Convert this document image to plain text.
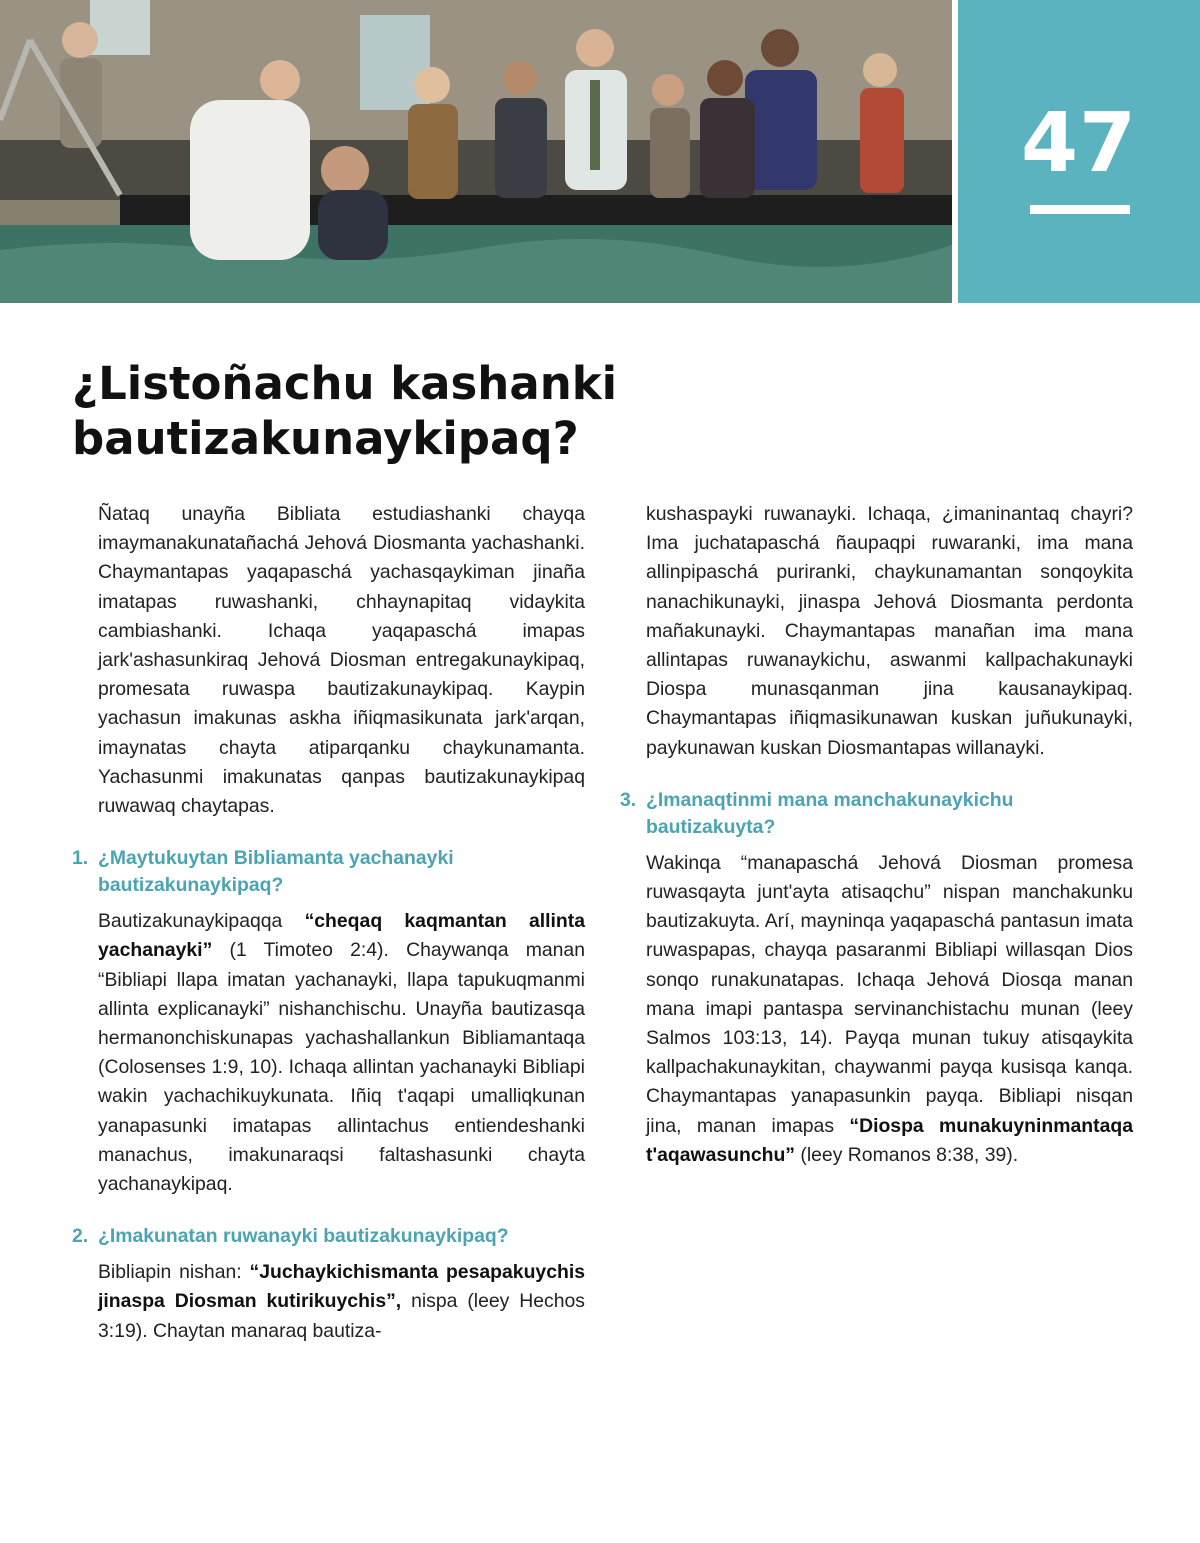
47
¿Listoñachu kashanki bautizakunaykipaq?

Ñataq unayña Bibliata estudiashanki chayqa imaymanakunatañachá Jehová Diosmanta yachashanki. Chaymantapas yaqapaschá yachasqaykiman jinaña imatapas ruwashanki, chhaynapitaq vidaykita cambiashanki. Ichaqa yaqapaschá imapas jark'ashasunkiraq Jehová Diosman entregakunaykipaq, promesata ruwaspa bautizakunaykipaq. Kaypin yachasun imakunas askha iñiqmasikunata jark'arqan, imaynatas chayta atiparqanku chaykunamanta. Yachasunmi imakunatas qanpas bautizakunaykipaq ruwawaq chaytapas.

1. ¿Maytukuytan Bibliamanta yachanayki bautizakunaykipaq?

Bautizakunaykipaqqa “cheqaq kaqmantan allinta yachanayki” (1 Timoteo 2:4). Chaywanqa manan “Bibliapi llapa imatan yachanayki, llapa tapukuqmanmi allinta explicanayki” nishanchischu. Unayña bautizasqa hermanonchiskunapas yachashallankun Bibliamantaqa (Colosenses 1:9, 10). Ichaqa allintan yachanayki Bibliapi wakin yachachikuykunata. Iñiq t'aqapi umalliqkunan yanapasunki imatapas allintachus entiendeshanki manachus, imakunaraqsi faltashasunki chayta yachanaykipaq.

2. ¿Imakunatan ruwanayki bautizakunaykipaq?

Bibliapin nishan: “Juchaykichismanta pesapakuychis jinaspa Diosman kutirikuychis”, nispa (leey Hechos 3:19). Chaytan manaraq bautiza-

kushaspayki ruwanayki. Ichaqa, ¿imaninantaq chayri? Ima juchatapaschá ñaupaqpi ruwaranki, ima mana allinpipaschá puriranki, chaykunamantan sonqoykita nanachikunayki, jinaspa Jehová Diosmanta perdonta mañakunayki. Chaymantapas manañan ima mana allintapas ruwanaykichu, aswanmi kallpachakunayki Diospa munasqanman jina kausanaykipaq. Chaymantapas iñiqmasikunawan kuskan juñukunayki, paykunawan kuskan Diosmantapas willanayki.

3. ¿Imanaqtinmi mana manchakunaykichu bautizakuyta?

Wakinqa “manapaschá Jehová Diosman promesa ruwasqayta junt'ayta atisaqchu” nispan manchakunku bautizakuyta. Arí, mayninqa yaqapaschá pantasun imata ruwaspapas, chayqa pasaranmi Bibliapi willasqan Dios sonqo runakunatapas. Ichaqa Jehová Diosqa manan mana imapi pantaspa servinanchistachu munan (leey Salmos 103:13, 14). Payqa munan tukuy atisqaykita kallpachakunaykitan, chaywanmi payqa kusisqa kanqa. Chaymantapas yanapasunkin payqa. Bibliapi nisqan jina, manan imapas “Diospa munakuyninmantaqa t'aqawasunchu” (leey Romanos 8:38, 39).
